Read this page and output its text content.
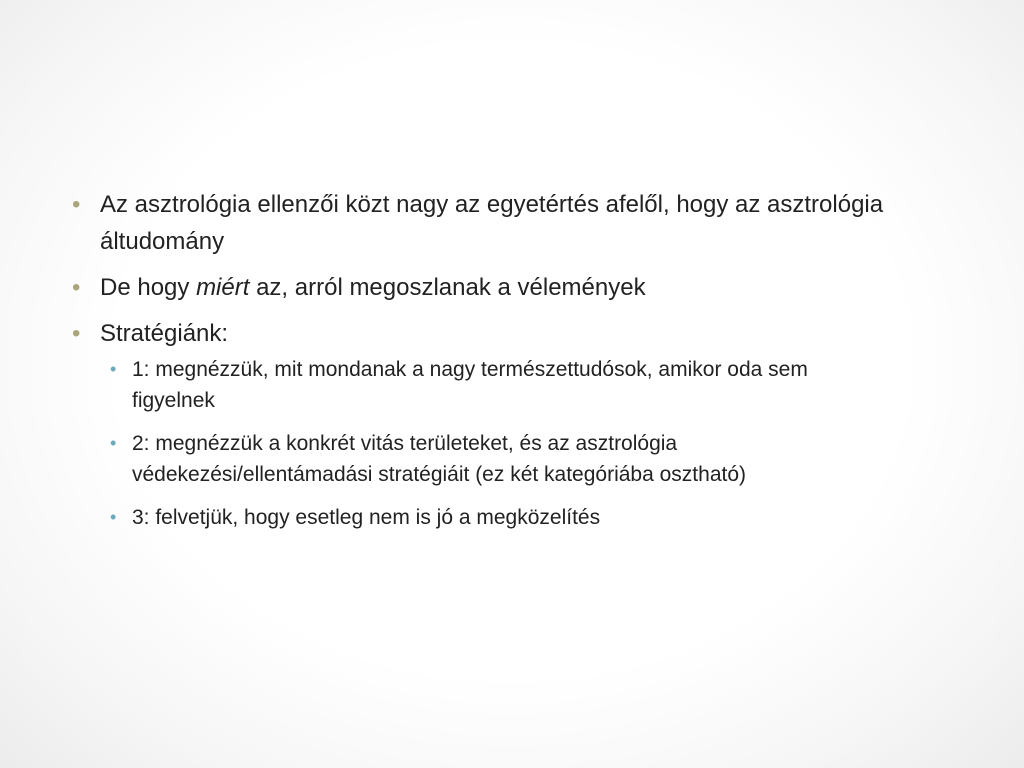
• Az asztrológia ellenzői közt nagy az egyetértés afelől, hogy az asztrológia áltudomány
• De hogy miért az, arról megoszlanak a vélemények
• Stratégiánk:
• 1: megnézzük, mit mondanak a nagy természettudósok, amikor oda sem figyelnek
• 2: megnézzük a konkrét vitás területeket, és az asztrológia védekezési/ellentámadási stratégiáit (ez két kategóriába osztható)
• 3: felvetjük, hogy esetleg nem is jó a megközelítés
